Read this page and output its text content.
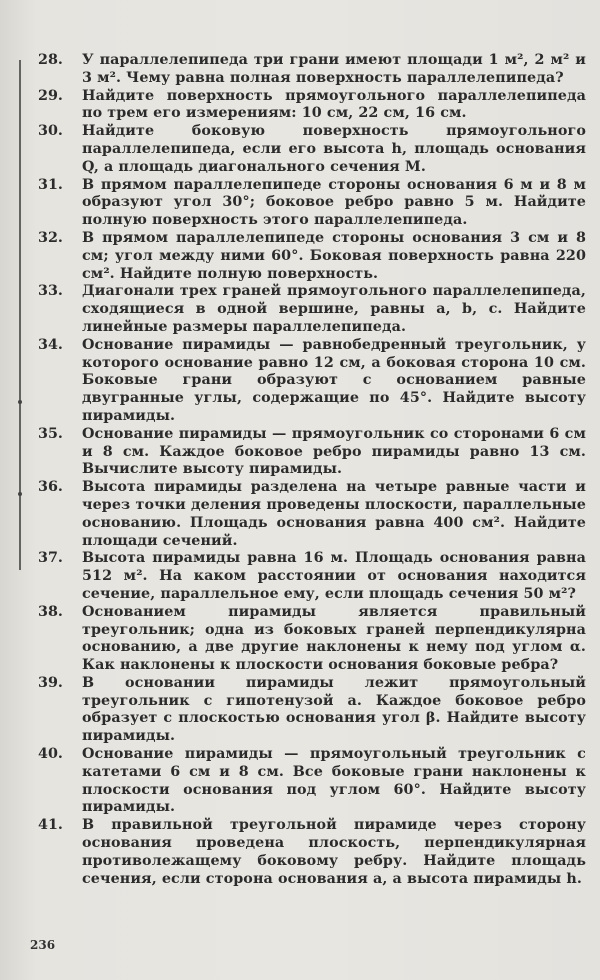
28.	У параллелепипеда три грани имеют площади 1 м², 2 м² и 3 м². Чему равна полная поверхность параллелепипеда?
29.	Найдите поверхность прямоугольного параллелепипеда по трем его измерениям: 10 см, 22 см, 16 см.
30.	Найдите боковую поверхность прямоугольного параллелепипеда, если его высота h, площадь основания Q, а площадь диагонального сечения M.
31.	В прямом параллелепипеде стороны основания 6 м и 8 м образуют угол 30°; боковое ребро равно 5 м. Найдите полную поверхность этого параллелепипеда.
32.	В прямом параллелепипеде стороны основания 3 см и 8 см; угол между ними 60°. Боковая поверхность равна 220 см². Найдите полную поверхность.
33.	Диагонали трех граней прямоугольного параллелепипеда, сходящиеся в одной вершине, равны a, b, c. Найдите линейные размеры параллелепипеда.
34.	Основание пирамиды — равнобедренный треугольник, у которого основание равно 12 см, а боковая сторона 10 см. Боковые грани образуют с основанием равные двугранные углы, содержащие по 45°. Найдите высоту пирамиды.
35.	Основание пирамиды — прямоугольник со сторонами 6 см и 8 см. Каждое боковое ребро пирамиды равно 13 см. Вычислите высоту пирамиды.
36.	Высота пирамиды разделена на четыре равные части и через точки деления проведены плоскости, параллельные основанию. Площадь основания равна 400 см². Найдите площади сечений.
37.	Высота пирамиды равна 16 м. Площадь основания равна 512 м². На каком расстоянии от основания находится сечение, параллельное ему, если площадь сечения 50 м²?
38.	Основанием пирамиды является правильный треугольник; одна из боковых граней перпендикулярна основанию, а две другие наклонены к нему под углом α. Как наклонены к плоскости основания боковые ребра?
39.	В основании пирамиды лежит прямоугольный треугольник с гипотенузой a. Каждое боковое ребро образует с плоскостью основания угол β. Найдите высоту пирамиды.
40.	Основание пирамиды — прямоугольный треугольник с катетами 6 см и 8 см. Все боковые грани наклонены к плоскости основания под углом 60°. Найдите высоту пирамиды.
41.	В правильной треугольной пирамиде через сторону основания проведена плоскость, перпендикулярная противолежащему боковому ребру. Найдите площадь сечения, если сторона основания a, а высота пирамиды h.
236
